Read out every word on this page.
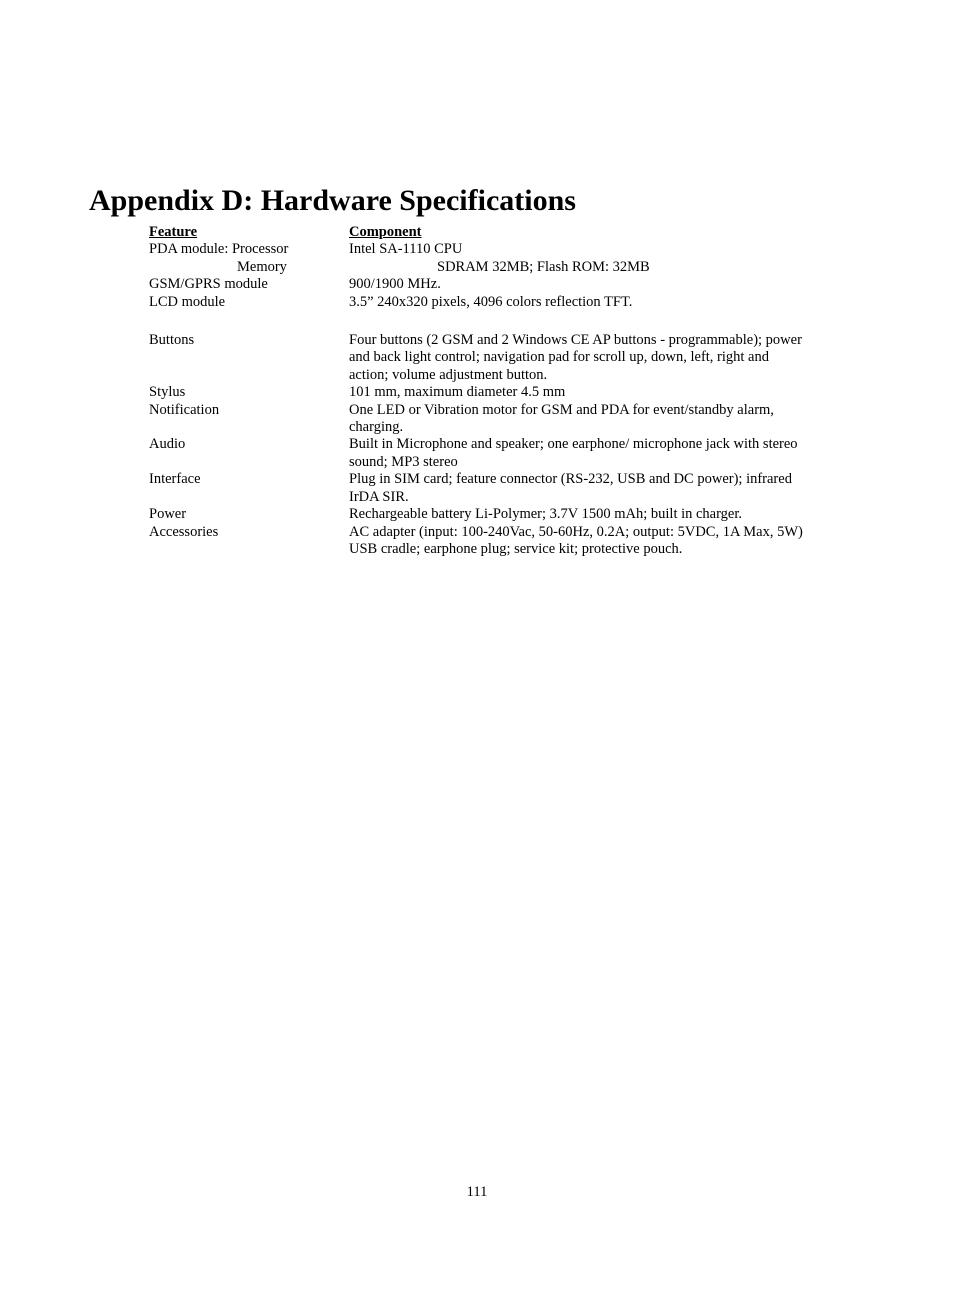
Appendix D: Hardware Specifications
Feature	Component
PDA module: Processor	Intel SA-1110 CPU
Memory	SDRAM 32MB; Flash ROM: 32MB
GSM/GPRS module	900/1900 MHz.
LCD module	3.5” 240x320 pixels, 4096 colors reflection TFT.
Buttons	Four buttons (2 GSM and 2 Windows CE AP buttons - programmable); power and back light control; navigation pad for scroll up, down, left, right and action; volume adjustment button.
Stylus	101 mm, maximum diameter 4.5 mm
Notification	One LED or Vibration motor for GSM and PDA for event/standby alarm, charging.
Audio	Built in Microphone and speaker; one earphone/ microphone jack with stereo sound; MP3 stereo
Interface	Plug in SIM card; feature connector (RS-232, USB and DC power); infrared IrDA SIR.
Power	Rechargeable battery Li-Polymer; 3.7V 1500 mAh; built in charger.
Accessories	AC adapter (input: 100-240Vac, 50-60Hz, 0.2A; output: 5VDC, 1A Max, 5W)
USB cradle; earphone plug; service kit; protective pouch.
111
